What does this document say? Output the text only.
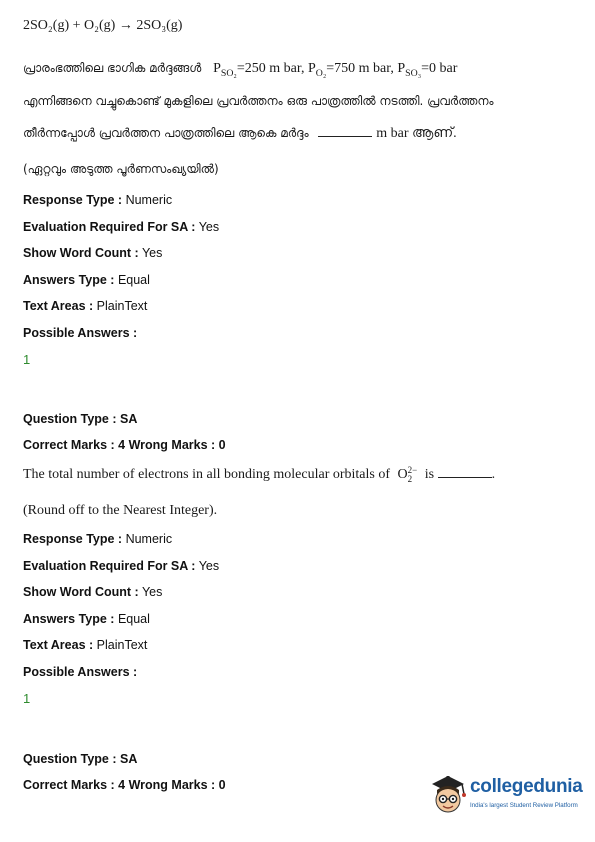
2SO₂(g) + O₂(g) → 2SO₃(g)
പ്രാരംഭത്തിലെ ഭാഗിക മർദ്ദങ്ങൾ $P_{SO_2}=250$ m bar, $P_{O_2}=750$ m bar, $P_{SO_3}=0$ bar
എന്നിങ്ങനെ വച്ചുകൊണ്ട് മുകളിലെ പ്രവർത്തനം ഒരു പാത്രത്തിൽ നടത്തി. പ്രവർത്തനം
തീർന്നപ്പോൾ പ്രവർത്തന പാത്രത്തിലെ ആകെ മർദ്ദം	m bar ആണ്.
(ഏറ്റവും അടുത്ത പൂർണസംഖ്യയിൽ)
Response Type : Numeric
Evaluation Required For SA : Yes
Show Word Count : Yes
Answers Type : Equal
Text Areas : PlainText
Possible Answers :
1
Question Type : SA
Correct Marks : 4 Wrong Marks : 0
The total number of electrons in all bonding molecular orbitals of O 2−
2 is	.
(Round off to the Nearest Integer).
Response Type : Numeric
Evaluation Required For SA : Yes
Show Word Count : Yes
Answers Type : Equal
Text Areas : PlainText
Possible Answers :
1
Question Type : SA
Correct Marks : 4 Wrong Marks : 0	collegedunia
India's largest Student Review Platform
